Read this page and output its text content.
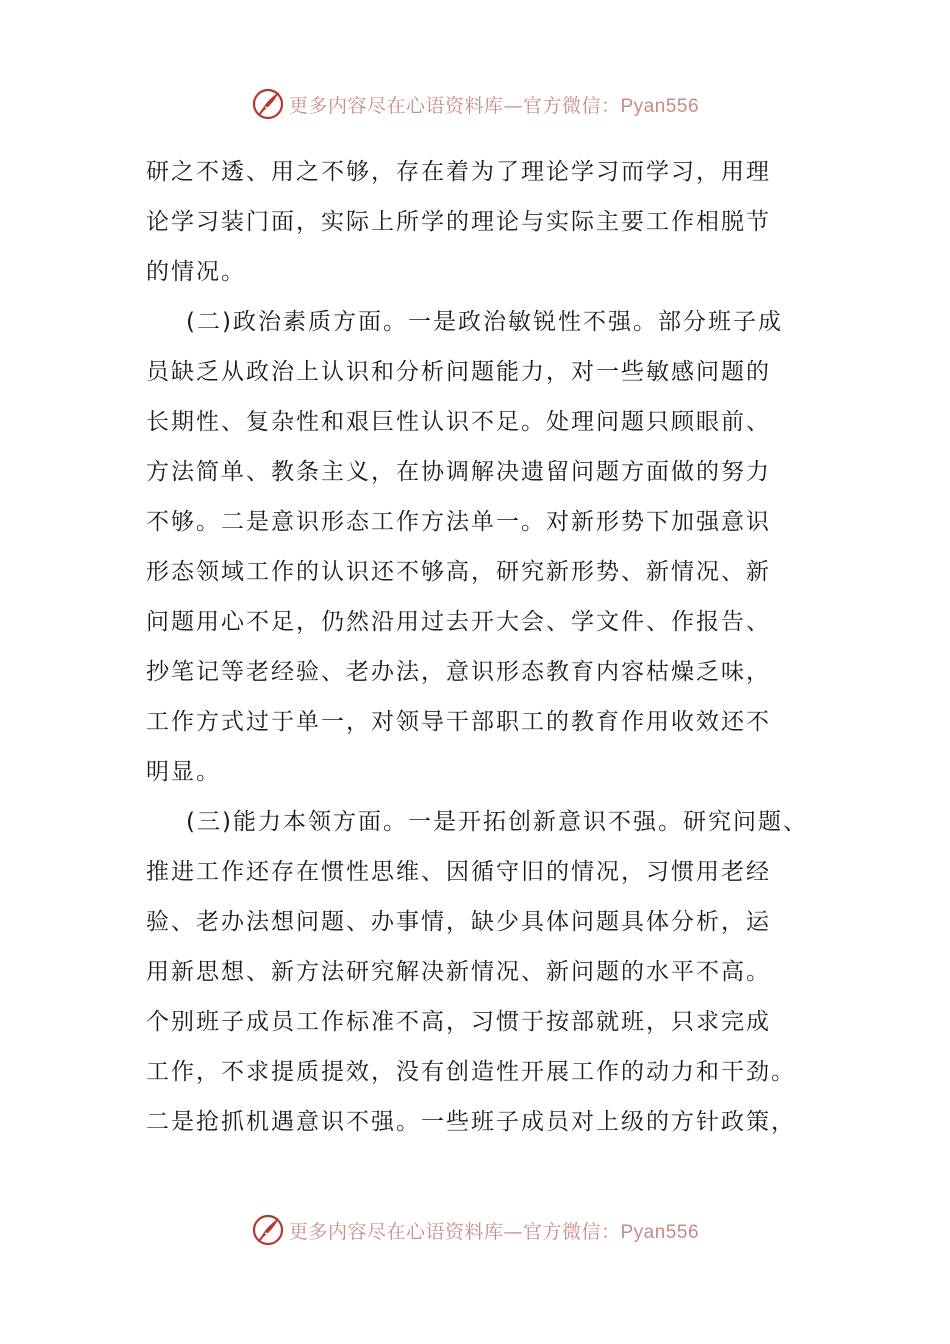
更多内容尽在心语资料库—官方微信：Pyan556
研之不透、用之不够，存在着为了理论学习而学习，用理
论学习装门面，实际上所学的理论与实际主要工作相脱节
的情况。
(二)政治素质方面。一是政治敏锐性不强。部分班子成
员缺乏从政治上认识和分析问题能力，对一些敏感问题的
长期性、复杂性和艰巨性认识不足。处理问题只顾眼前、
方法简单、教条主义，在协调解决遗留问题方面做的努力
不够。二是意识形态工作方法单一。对新形势下加强意识
形态领域工作的认识还不够高，研究新形势、新情况、新
问题用心不足，仍然沿用过去开大会、学文件、作报告、
抄笔记等老经验、老办法，意识形态教育内容枯燥乏味，
工作方式过于单一，对领导干部职工的教育作用收效还不
明显。
(三)能力本领方面。一是开拓创新意识不强。研究问题、
推进工作还存在惯性思维、因循守旧的情况，习惯用老经
验、老办法想问题、办事情，缺少具体问题具体分析，运
用新思想、新方法研究解决新情况、新问题的水平不高。
个别班子成员工作标准不高，习惯于按部就班，只求完成
工作，不求提质提效，没有创造性开展工作的动力和干劲。
二是抢抓机遇意识不强。一些班子成员对上级的方针政策，
更多内容尽在心语资料库—官方微信：Pyan556
